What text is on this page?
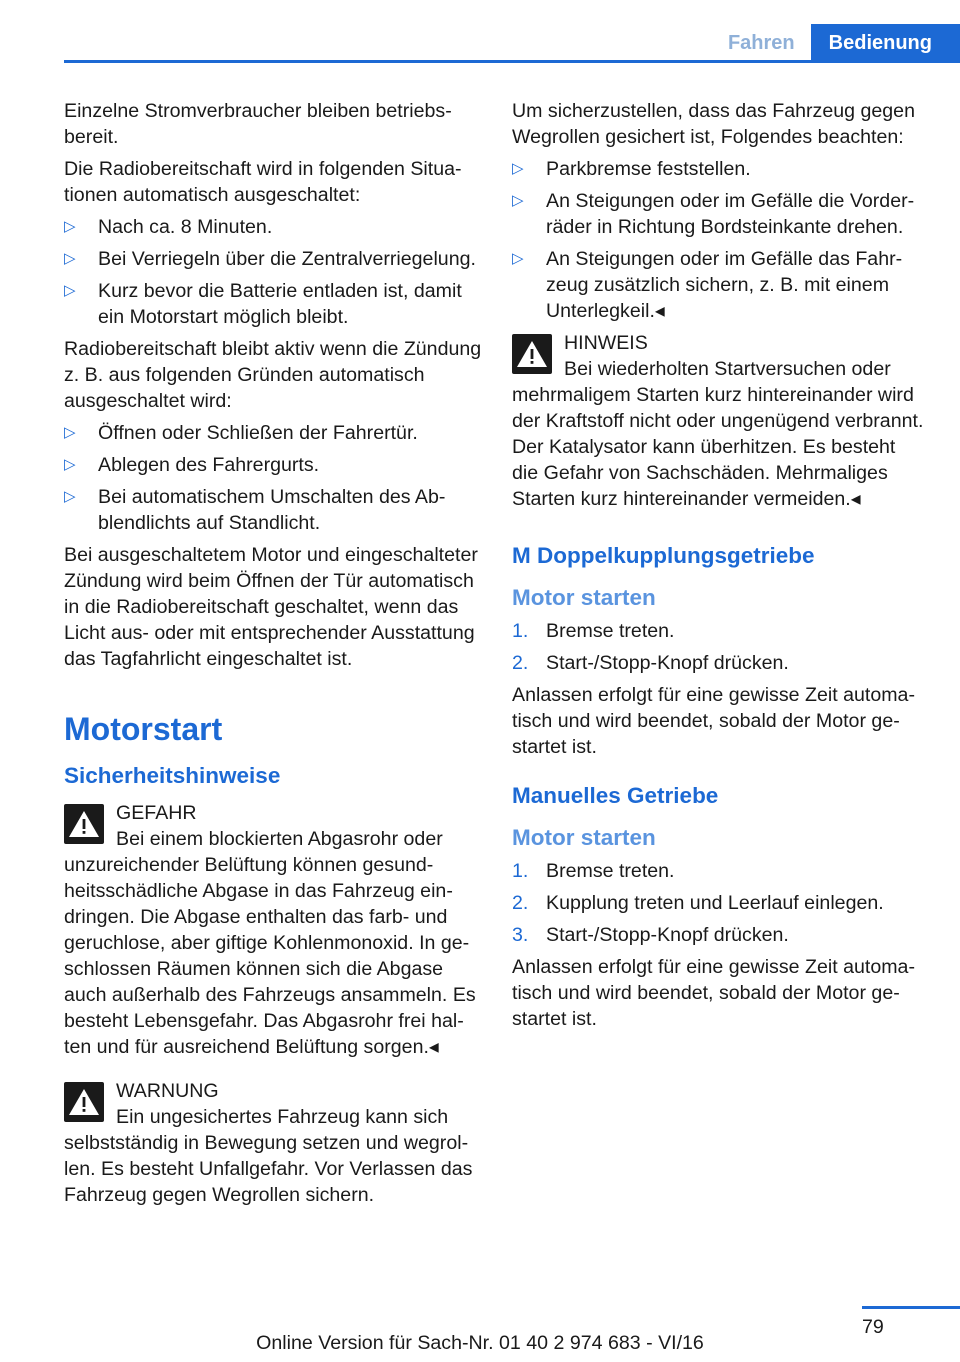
Fahren	Bedienung

Einzelne Stromverbraucher bleiben betriebsbereit.

Die Radiobereitschaft wird in folgenden Situationen automatisch ausgeschaltet:

▷ Nach ca. 8 Minuten.
▷ Bei Verriegeln über die Zentralverriegelung.
▷ Kurz bevor die Batterie entladen ist, damit ein Motorstart möglich bleibt.

Radiobereitschaft bleibt aktiv wenn die Zündung z. B. aus folgenden Gründen automatisch ausgeschaltet wird:

▷ Öffnen oder Schließen der Fahrertür.
▷ Ablegen des Fahrergurts.
▷ Bei automatischem Umschalten des Abblendlichts auf Standlicht.

Bei ausgeschaltetem Motor und eingeschalteter Zündung wird beim Öffnen der Tür automatisch in die Radiobereitschaft geschaltet, wenn das Licht aus- oder mit entsprechender Ausstattung das Tagfahrlicht eingeschaltet ist.

Motorstart
Sicherheitshinweise
GEFAHR
Bei einem blockierten Abgasrohr oder unzureichender Belüftung können gesundheitsschädliche Abgase in das Fahrzeug eindringen. Die Abgase enthalten das farb- und geruchlose, aber giftige Kohlenmonoxid. In geschlossen Räumen können sich die Abgase auch außerhalb des Fahrzeugs ansammeln. Es besteht Lebensgefahr. Das Abgasrohr frei halten und für ausreichend Belüftung sorgen.◂
WARNUNG
Ein ungesichertes Fahrzeug kann sich selbstständig in Bewegung setzen und wegrollen. Es besteht Unfallgefahr. Vor Verlassen das Fahrzeug gegen Wegrollen sichern.

Um sicherzustellen, dass das Fahrzeug gegen Wegrollen gesichert ist, Folgendes beachten:

▷ Parkbremse feststellen.
▷ An Steigungen oder im Gefälle die Vorderräder in Richtung Bordsteinkante drehen.
▷ An Steigungen oder im Gefälle das Fahrzeug zusätzlich sichern, z. B. mit einem Unterlegkeil.◂
HINWEIS
Bei wiederholten Startversuchen oder mehrmaligem Starten kurz hintereinander wird der Kraftstoff nicht oder ungenügend verbrannt. Der Katalysator kann überhitzen. Es besteht die Gefahr von Sachschäden. Mehrmaliges Starten kurz hintereinander vermeiden.◂
M Doppelkupplungsgetriebe
Motor starten
1. Bremse treten.
2. Start-/Stopp-Knopf drücken.

Anlassen erfolgt für eine gewisse Zeit automatisch und wird beendet, sobald der Motor gestartet ist.

Manuelles Getriebe
Motor starten
1. Bremse treten.
2. Kupplung treten und Leerlauf einlegen.
3. Start-/Stopp-Knopf drücken.

Anlassen erfolgt für eine gewisse Zeit automatisch und wird beendet, sobald der Motor gestartet ist.

79
Online Version für Sach-Nr. 01 40 2 974 683 - VI/16
